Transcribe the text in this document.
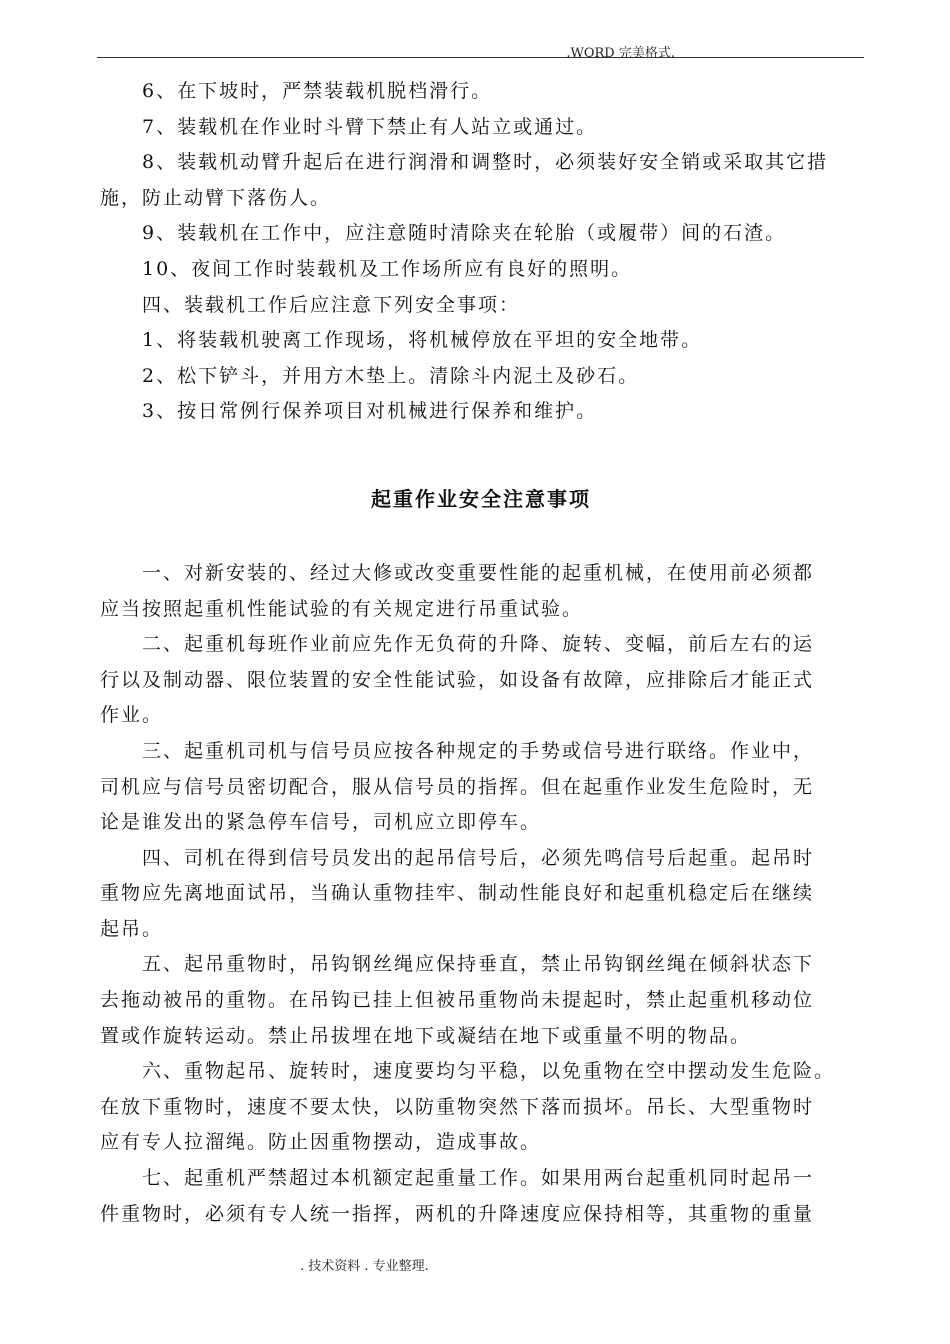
.WORD 完美格式.
6、在下坡时，严禁装载机脱档滑行。
7、装载机在作业时斗臂下禁止有人站立或通过。
8、装载机动臂升起后在进行润滑和调整时，必须装好安全销或采取其它措
施，防止动臂下落伤人。
9、装载机在工作中，应注意随时清除夹在轮胎（或履带）间的石渣。
10、夜间工作时装载机及工作场所应有良好的照明。
四、装载机工作后应注意下列安全事项：
1、将装载机驶离工作现场，将机械停放在平坦的安全地带。
2、松下铲斗，并用方木垫上。清除斗内泥土及砂石。
3、按日常例行保养项目对机械进行保养和维护。
起重作业安全注意事项
一、对新安装的、经过大修或改变重要性能的起重机械，在使用前必须都
应当按照起重机性能试验的有关规定进行吊重试验。
二、起重机每班作业前应先作无负荷的升降、旋转、变幅，前后左右的运
行以及制动器、限位装置的安全性能试验，如设备有故障，应排除后才能正式
作业。
三、起重机司机与信号员应按各种规定的手势或信号进行联络。作业中，
司机应与信号员密切配合，服从信号员的指挥。但在起重作业发生危险时，无
论是谁发出的紧急停车信号，司机应立即停车。
四、司机在得到信号员发出的起吊信号后，必须先鸣信号后起重。起吊时
重物应先离地面试吊，当确认重物挂牢、制动性能良好和起重机稳定后在继续
起吊。
五、起吊重物时，吊钩钢丝绳应保持垂直，禁止吊钩钢丝绳在倾斜状态下
去拖动被吊的重物。在吊钩已挂上但被吊重物尚未提起时，禁止起重机移动位
置或作旋转运动。禁止吊拔埋在地下或凝结在地下或重量不明的物品。
六、重物起吊、旋转时，速度要均匀平稳，以免重物在空中摆动发生危险。
在放下重物时，速度不要太快，以防重物突然下落而损坏。吊长、大型重物时
应有专人拉溜绳。防止因重物摆动，造成事故。
七、起重机严禁超过本机额定起重量工作。如果用两台起重机同时起吊一
件重物时，必须有专人统一指挥，两机的升降速度应保持相等，其重物的重量
. 技术资料 . 专业整理.
